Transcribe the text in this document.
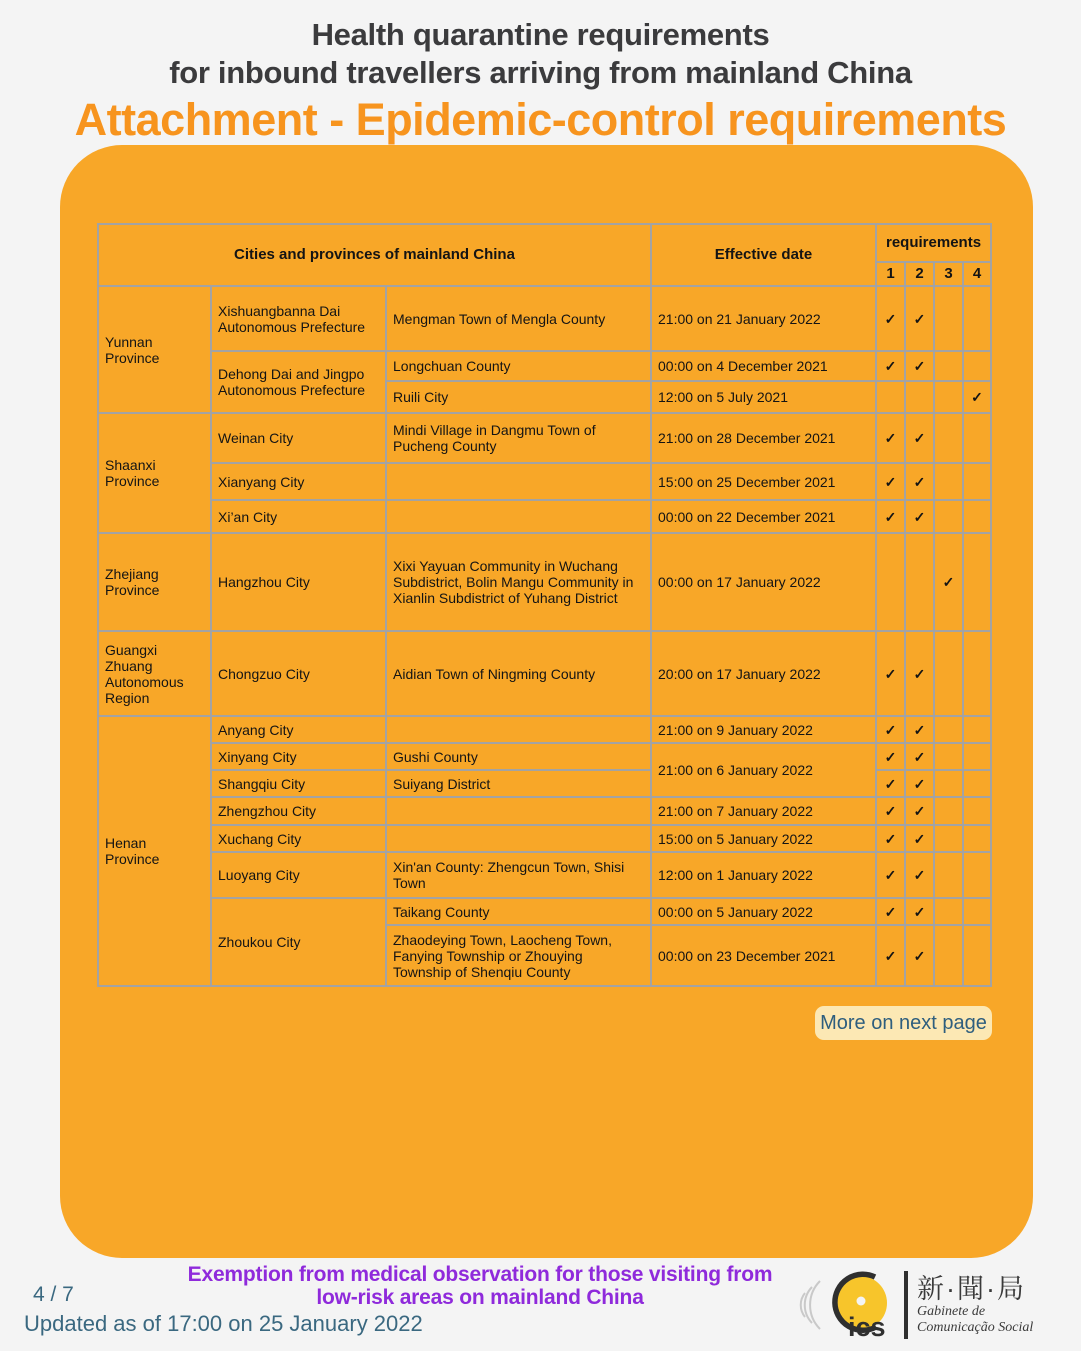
Health quarantine requirements
for inbound travellers arriving from mainland China
Attachment - Epidemic-control requirements
Cities and provinces of mainland China			Effective date	requirements			
				1	2	3	4
Yunnan Province	Xishuangbanna Dai Autonomous Prefecture	Mengman Town of Mengla County	21:00 on 21 January 2022	✓	✓		
	Dehong Dai and Jingpo Autonomous Prefecture	Longchuan County	00:00 on 4 December 2021	✓	✓		
		Ruili City	12:00 on 5 July 2021				✓
Shaanxi Province	Weinan City	Mindi Village in Dangmu Town of Pucheng County	21:00 on 28 December 2021	✓	✓		
	Xianyang City		15:00 on 25 December 2021	✓	✓		
	Xi’an City		00:00 on 22 December 2021	✓	✓		
Zhejiang Province	Hangzhou City	Xixi Yayuan Community in Wuchang Subdistrict, Bolin Mangu Community in Xianlin Subdistrict of Yuhang District	00:00 on 17 January 2022			✓	
Guangxi Zhuang Autonomous Region	Chongzuo City	Aidian Town of Ningming County	20:00 on 17 January 2022	✓	✓		
Henan Province	Anyang City		21:00 on 9 January 2022	✓	✓		
	Xinyang City	Gushi County	21:00 on 6 January 2022	✓	✓		
	Shangqiu City	Suiyang District		✓	✓		
	Zhengzhou City		21:00 on 7 January 2022	✓	✓		
	Xuchang City		15:00 on 5 January 2022	✓	✓		
	Luoyang City	Xin'an County: Zhengcun Town, Shisi Town	12:00 on 1 January 2022	✓	✓		
	Zhoukou City	Taikang County	00:00 on 5 January 2022	✓	✓		
		Zhaodeying Town, Laocheng Town, Fanying Township or Zhouying Township of Shenqiu County	00:00 on 23 December 2021	✓	✓		
More on next page
4 / 7
Updated as of 17:00 on 25 January 2022
Exemption from medical observation for those visiting from
low-risk areas on mainland China
ics
新·聞·局
Gabinete de
Comunicação Social
